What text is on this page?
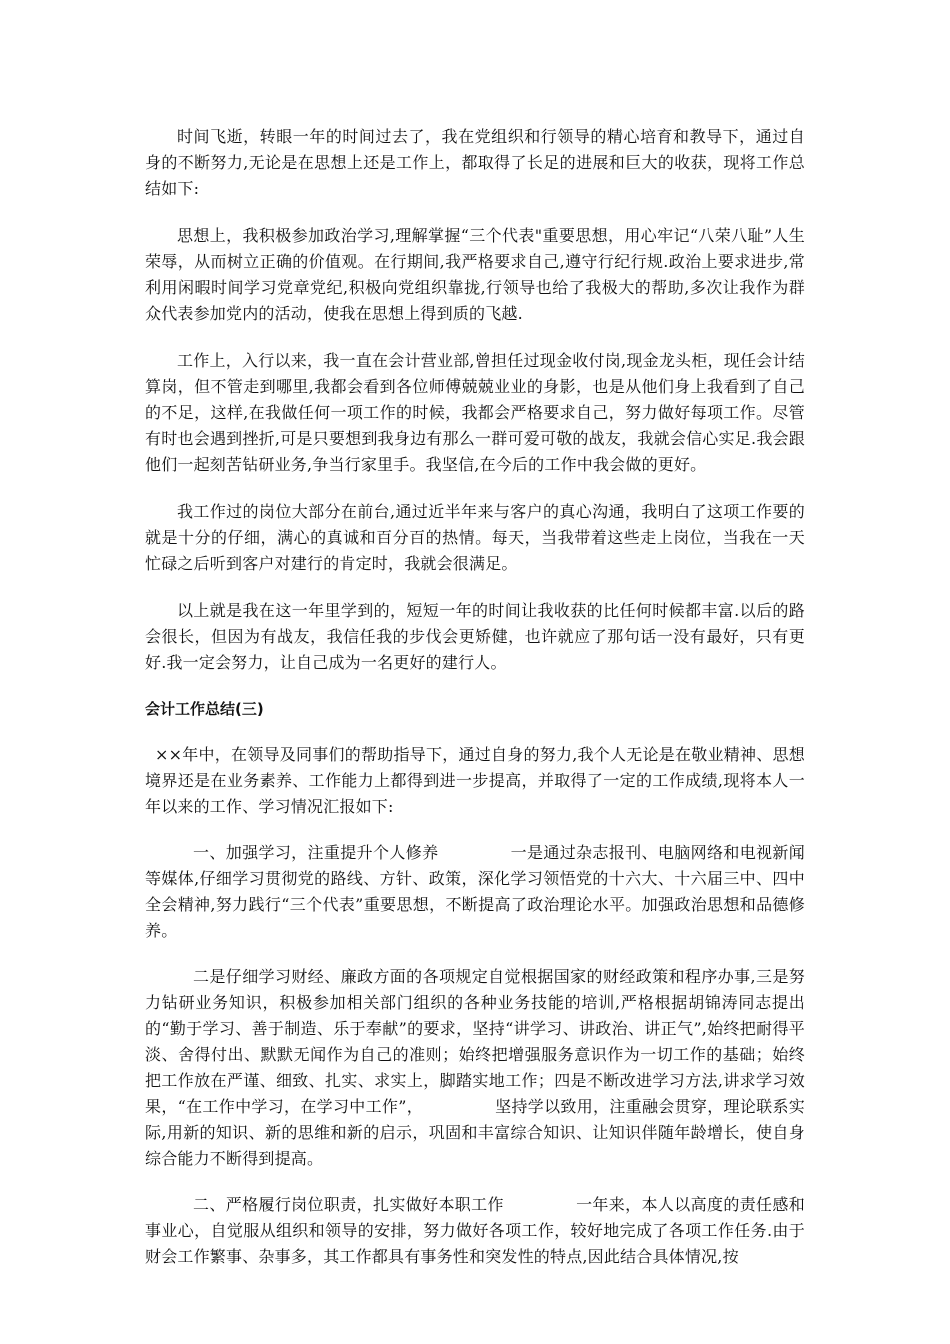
时间飞逝，转眼一年的时间过去了，我在党组织和行领导的精心培育和教导下，通过自身的不断努力,无论是在思想上还是工作上，都取得了长足的进展和巨大的收获，现将工作总结如下:

思想上，我积极参加政治学习,理解掌握“三个代表"重要思想，用心牢记“八荣八耻”人生荣辱，从而树立正确的价值观。在行期间,我严格要求自己,遵守行纪行规.政治上要求进步,常利用闲暇时间学习党章党纪,积极向党组织靠拢,行领导也给了我极大的帮助,多次让我作为群众代表参加党内的活动，使我在思想上得到质的飞越.

工作上，入行以来，我一直在会计营业部,曾担任过现金收付岗,现金龙头柜，现任会计结算岗，但不管走到哪里,我都会看到各位师傅兢兢业业的身影，也是从他们身上我看到了自己的不足，这样,在我做任何一项工作的时候，我都会严格要求自己，努力做好每项工作。尽管有时也会遇到挫折,可是只要想到我身边有那么一群可爱可敬的战友，我就会信心实足.我会跟他们一起刻苦钻研业务,争当行家里手。我坚信,在今后的工作中我会做的更好。

我工作过的岗位大部分在前台,通过近半年来与客户的真心沟通，我明白了这项工作要的就是十分的仔细，满心的真诚和百分百的热情。每天，当我带着这些走上岗位，当我在一天忙碌之后听到客户对建行的肯定时，我就会很满足。

以上就是我在这一年里学到的，短短一年的时间让我收获的比任何时候都丰富.以后的路会很长，但因为有战友，我信任我的步伐会更矫健，也许就应了那句话一没有最好，只有更好.我一定会努力，让自己成为一名更好的建行人。

会计工作总结(三)

××年中，在领导及同事们的帮助指导下，通过自身的努力,我个人无论是在敬业精神、思想境界还是在业务素养、工作能力上都得到进一步提高，并取得了一定的工作成绩,现将本人一年以来的工作、学习情况汇报如下:

一、加强学习，注重提升个人修养	一是通过杂志报刊、电脑网络和电视新闻等媒体,仔细学习贯彻党的路线、方针、政策，深化学习领悟党的十六大、十六届三中、四中全会精神,努力践行“三个代表”重要思想，不断提高了政治理论水平。加强政治思想和品德修养。

二是仔细学习财经、廉政方面的各项规定自觉根据国家的财经政策和程序办事,三是努力钻研业务知识，积极参加相关部门组织的各种业务技能的培训,严格根据胡锦涛同志提出的“勤于学习、善于制造、乐于奉献”的要求，坚持“讲学习、讲政治、讲正气”,始终把耐得平淡、舍得付出、默默无闻作为自己的准则；始终把增强服务意识作为一切工作的基础；始终把工作放在严谨、细致、扎实、求实上，脚踏实地工作；四是不断改进学习方法,讲求学习效果，“在工作中学习，在学习中工作”，	坚持学以致用，注重融会贯穿，理论联系实际,用新的知识、新的思维和新的启示，巩固和丰富综合知识、让知识伴随年龄增长，使自身综合能力不断得到提高。

二、严格履行岗位职责，扎实做好本职工作	一年来，本人以高度的责任感和事业心，自觉服从组织和领导的安排，努力做好各项工作，较好地完成了各项工作任务.由于财会工作繁事、杂事多，其工作都具有事务性和突发性的特点,因此结合具体情况,按
